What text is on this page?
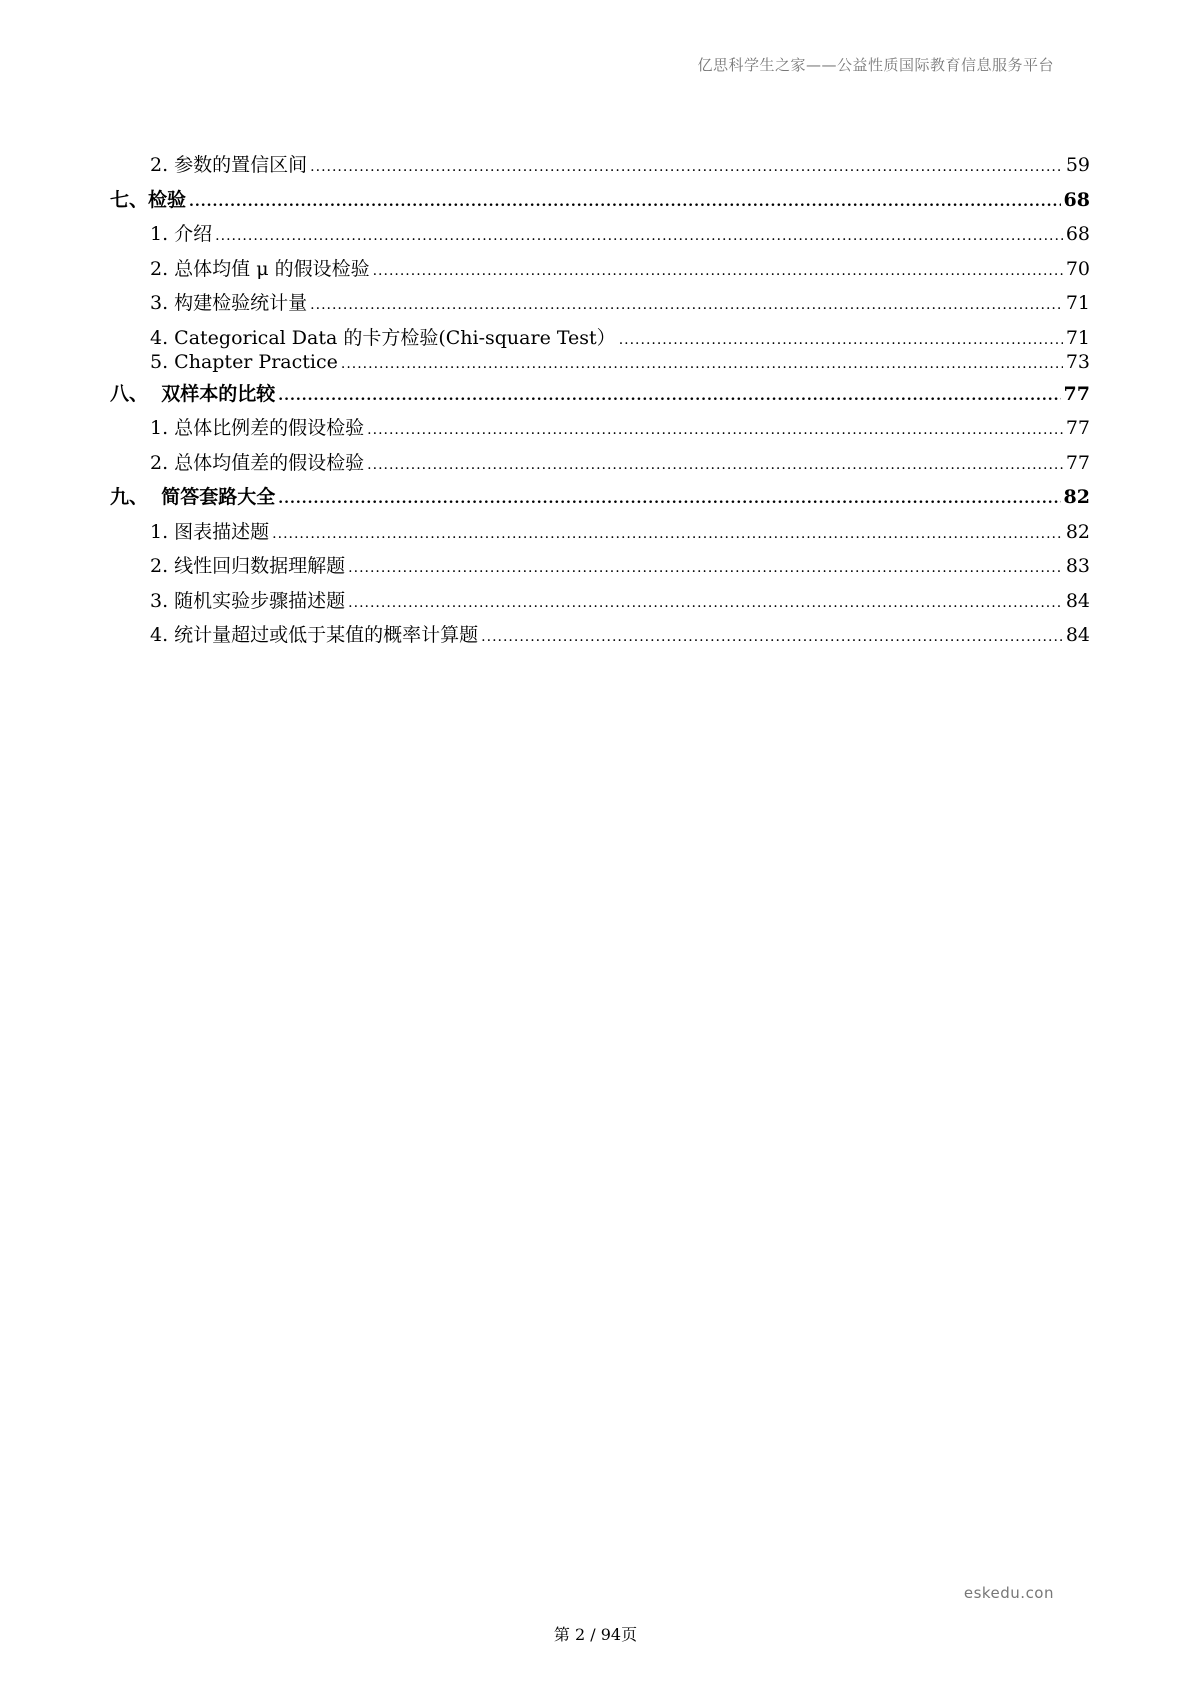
亿思科学生之家——公益性质国际教育信息服务平台
2. 参数的置信区间 .....	59
七、检验 .....	68
1. 介绍 .....	68
2. 总体均值 μ 的假设检验 .....	70
3. 构建检验统计量 .....	71
4. Categorical Data 的卡方检验(Chi-square Test） .....	71
5. Chapter Practice .....	73
八、  双样本的比较 .....	77
1. 总体比例差的假设检验 .....	77
2. 总体均值差的假设检验 .....	77
九、  简答套路大全 .....	82
1. 图表描述题 .....	82
2. 线性回归数据理解题 .....	83
3. 随机实验步骤描述题 .....	84
4. 统计量超过或低于某值的概率计算题 .....	84
eskedu.con
第 2 / 94页
